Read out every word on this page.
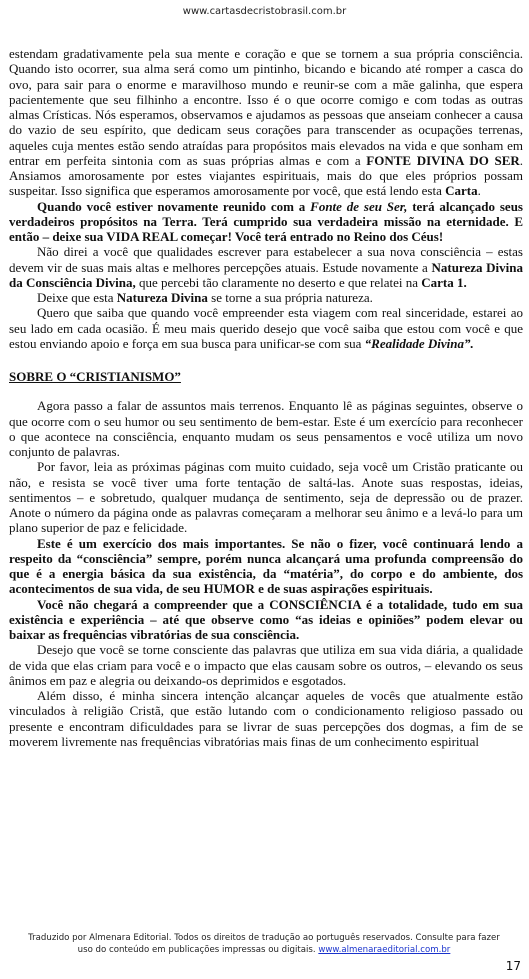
www.cartasdecristobrasil.com.br

estendam gradativamente pela sua mente e coração e que se tornem a sua própria consciência. Quando isto ocorrer, sua alma será como um pintinho, bicando e bicando até romper a casca do ovo, para sair para o enorme e maravilhoso mundo e reunir-se com a mãe galinha, que espera pacientemente que seu filhinho a encontre. Isso é o que ocorre comigo e com todas as outras almas Crísticas. Nós esperamos, observamos e ajudamos as pessoas que anseiam conhecer a causa do vazio de seu espírito, que dedicam seus corações para transcender as ocupações terrenas, aqueles cuja mentes estão sendo atraídas para propósitos mais elevados na vida e que sonham em entrar em perfeita sintonia com as suas próprias almas e com a FONTE DIVINA DO SER. Ansiamos amorosamente por estes viajantes espirituais, mais do que eles próprios possam suspeitar. Isso significa que esperamos amorosamente por você, que está lendo esta Carta.

Quando você estiver novamente reunido com a Fonte de seu Ser, terá alcançado seus verdadeiros propósitos na Terra. Terá cumprido sua verdadeira missão na eternidade. E então – deixe sua VIDA REAL começar! Você terá entrado no Reino dos Céus!

Não direi a você que qualidades escrever para estabelecer a sua nova consciência – estas devem vir de suas mais altas e melhores percepções atuais. Estude novamente a Natureza Divina da Consciência Divina, que percebi tão claramente no deserto e que relatei na Carta 1.

Deixe que esta Natureza Divina se torne a sua própria natureza.

Quero que saiba que quando você empreender esta viagem com real sinceridade, estarei ao seu lado em cada ocasião. É meu mais querido desejo que você saiba que estou com você e que estou enviando apoio e força em sua busca para unificar-se com sua “Realidade Divina”.

SOBRE O “CRISTIANISMO”

Agora passo a falar de assuntos mais terrenos. Enquanto lê as páginas seguintes, observe o que ocorre com o seu humor ou seu sentimento de bem-estar. Este é um exercício para reconhecer o que acontece na consciência, enquanto mudam os seus pensamentos e você utiliza um novo conjunto de palavras.

Por favor, leia as próximas páginas com muito cuidado, seja você um Cristão praticante ou não, e resista se você tiver uma forte tentação de saltá-las. Anote suas respostas, ideias, sentimentos – e sobretudo, qualquer mudança de sentimento, seja de depressão ou de prazer. Anote o número da página onde as palavras começaram a melhorar seu ânimo e a levá-lo para um plano superior de paz e felicidade.

Este é um exercício dos mais importantes. Se não o fizer, você continuará lendo a respeito da “consciência” sempre, porém nunca alcançará uma profunda compreensão do que é a energia básica da sua existência, da “matéria”, do corpo e do ambiente, dos acontecimentos de sua vida, de seu HUMOR e de suas aspirações espirituais.

Você não chegará a compreender que a CONSCIÊNCIA é a totalidade, tudo em sua existência e experiência – até que observe como “as ideias e opiniões” podem elevar ou baixar as frequências vibratórias de sua consciência.

Desejo que você se torne consciente das palavras que utiliza em sua vida diária, a qualidade de vida que elas criam para você e o impacto que elas causam sobre os outros, – elevando os seus ânimos em paz e alegria ou deixando-os deprimidos e esgotados.

Além disso, é minha sincera intenção alcançar aqueles de vocês que atualmente estão vinculados à religião Cristã, que estão lutando com o condicionamento religioso passado ou presente e encontram dificuldades para se livrar de suas percepções dos dogmas, a fim de se moverem livremente nas frequências vibratórias mais finas de um conhecimento espiritual

Traduzido por Almenara Editorial. Todos os direitos de tradução ao português reservados. Consulte para fazer
uso do conteúdo em publicações impressas ou digitais. www.almenaraeditorial.com.br
17
